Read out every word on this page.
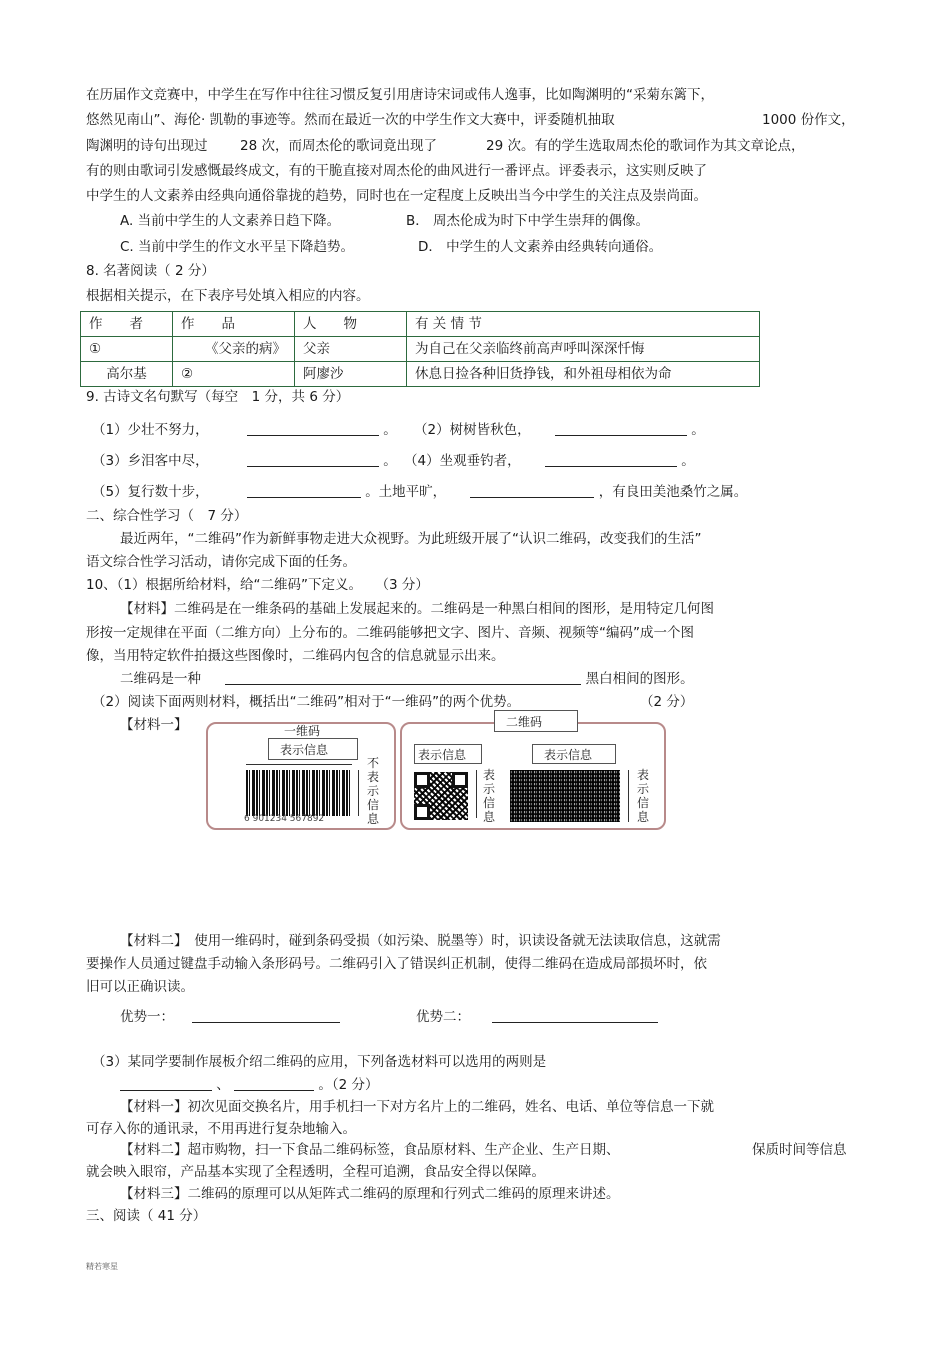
在历届作文竞赛中，中学生在写作中往往习惯反复引用唐诗宋词或伟人逸事，比如陶渊明的“采菊东篱下，
悠然见南山”、海伦· 凯勒的事迹等。然而在最近一次的中学生作文大赛中，评委随机抽取	1000 份作文，
陶渊明的诗句出现过 28 次，而周杰伦的歌词竟出现了	29 次。有的学生选取周杰伦的歌词作为其文章论点，
有的则由歌词引发感慨最终成文，有的干脆直接对周杰伦的曲风进行一番评点。评委表示，这实则反映了
中学生的人文素养由经典向通俗靠拢的趋势，同时也在一定程度上反映出当今中学生的关注点及崇尚面。
A. 当前中学生的人文素养日趋下降。	B． 周杰伦成为时下中学生崇拜的偶像。
C. 当前中学生的作文水平呈下降趋势。	D． 中学生的人文素养由经典转向通俗。
8. 名著阅读（ 2 分）
根据相关提示，在下表序号处填入相应的内容。
作　　者	作　　品	人　　物	有 关 情 节
①	《父亲的病》	父亲	为自己在父亲临终前高声呼叫深深忏悔
高尔基	②	阿廖沙	休息日捡各种旧货挣钱，和外祖母相依为命
9. 古诗文名句默写（每空　1 分，共 6 分）
（1）少壮不努力，	。 （2）树树皆秋色，	。
（3）乡泪客中尽，	。 （4）坐观垂钓者，	。
（5）复行数十步，	。土地平旷，	，有良田美池桑竹之属。
二、综合性学习（　7 分）
最近两年，“二维码”作为新鲜事物走进大众视野。为此班级开展了“认识二维码，改变我们的生活”
语文综合性学习活动，请你完成下面的任务。
10、（1）根据所给材料，给“二维码”下定义。　　（3 分）
【材料】二维码是在一维条码的基础上发展起来的。二维码是一种黑白相间的图形，是用特定几何图
形按一定规律在平面（二维方向）上分布的。二维码能够把文字、图片、音频、视频等“编码”成一个图
像，当用特定软件拍摄这些图像时，二维码内包含的信息就显示出来。
二维码是一种	黑白相间的图形。
（2）阅读下面两则材料，概括出“二维码”相对于“一维码”的两个优势。	（2 分）
【材料一】	一维码
表示信息
6 901234 567892
不表示信息
二维码
表示信息	表示信息
表示信息
表示信息
【材料二】　使用一维码时，碰到条码受损（如污染、脱墨等）时，识读设备就无法读取信息，这就需
要操作人员通过键盘手动输入条形码号。二维码引入了错误纠正机制，使得二维码在造成局部损坏时，依
旧可以正确识读。
优势一：	优势二：
（3）某同学要制作展板介绍二维码的应用，下列备选材料可以选用的两则是
、	。（2 分）
【材料一】初次见面交换名片，用手机扫一下对方名片上的二维码，姓名、电话、单位等信息一下就
可存入你的通讯录，不用再进行复杂地输入。
【材料二】超市购物，扫一下食品二维码标签，食品原材料、生产企业、生产日期、	保质时间等信息
就会映入眼帘，产品基本实现了全程透明，全程可追溯，食品安全得以保障。
【材料三】二维码的原理可以从矩阵式二维码的原理和行列式二维码的原理来讲述。
三、阅读（ 41 分）
精若寒星
